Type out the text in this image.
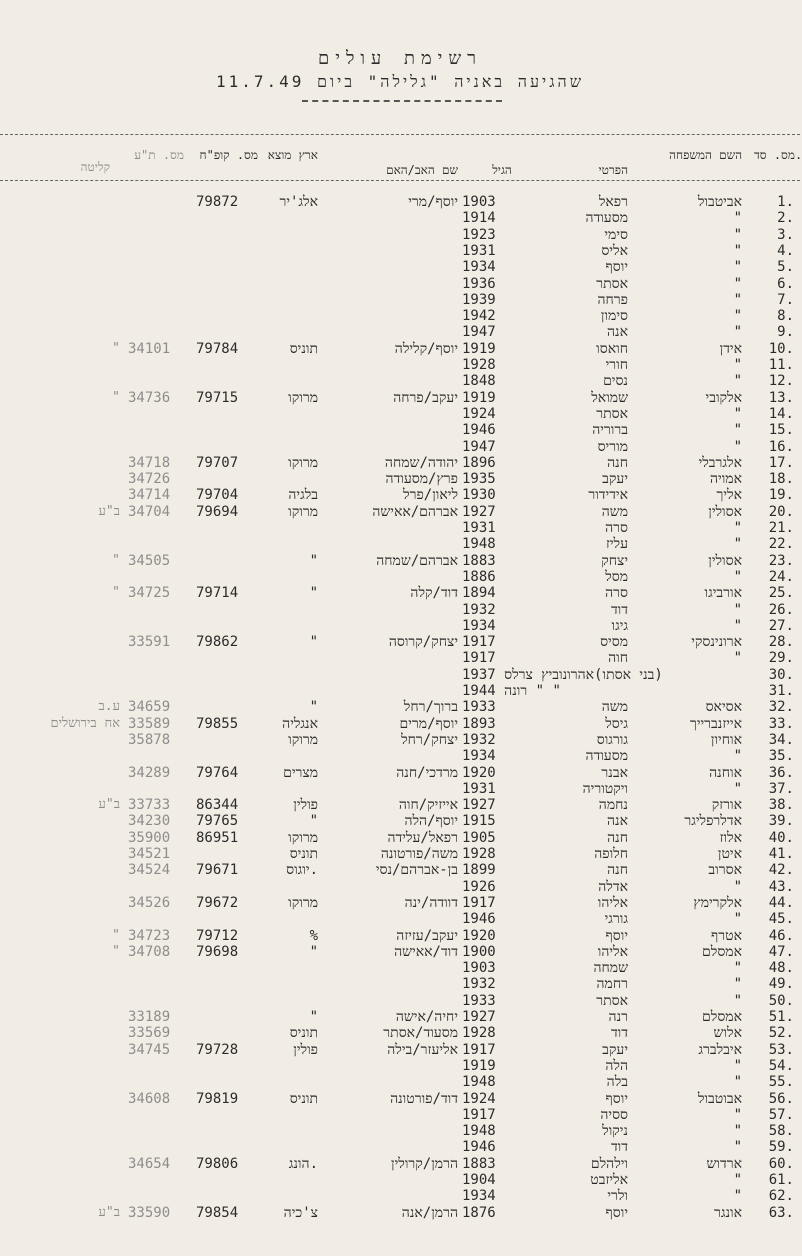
רשימת עולים
שהגיעה באניה "גלילה" ביום 11.7.49
מס. סד.
השם המשפחה
הפרטי
הגיל
שם האב/האם
ארץ מוצא
מס. קופ"ח
מס. ת"ע
קליטה
1.
אביטבול
רפאל
1903
יוסף/מרי
אלג'יר
79872
2.
"
מסעודה
1914
3.
"
סימי
1923
4.
"
אליס
1931
5.
"
יוסף
1934
6.
"
אסתר
1936
7.
"
פרחה
1939
8.
"
סימון
1942
9.
"
אנה
1947
10.
אידן
חואסו
1919
יוסף/קלילה
תוניס
79784
34101
"
11.
"
חורי
1928
12.
"
נסים
1848
13.
אלקובי
שמואל
1919
יעקב/פרחה
מרוקו
79715
34736
"
14.
"
אסתר
1924
15.
"
ברוריה
1946
16.
"
מוריס
1947
17.
אלגרבלי
חנה
1896
יהודה/שמחה
מרוקו
79707
34718
18.
אמויה
יעקב
1935
פרץ/מסעודה
34726
19.
אליך
אידידור
1930
ליאון/פרל
בלגיה
79704
34714
20.
אסולין
משה
1927
אברהם/אאישה
מרוקו
79694
34704
ב"ע
21.
"
סרה
1931
22.
"
עליז
1948
23.
אסולין
יצחק
1883
אברהם/שמחה
"
34505
"
24.
"
מסל
1886
25.
אורביגו
סרה
1894
דוד/קלה
"
79714
34725
"
26.
"
דוד
1932
27.
"
גיגו
1934
28.
ארונינסקי
מסיס
1917
יצחק/קרוסה
"
79862
33591
29.
"
חוה
1917
30.
(בני אסתו)אהרונוביץ צרלס 1937
31.
" " רונה 1944
32.
אסיאס
משה
1933
ברוך/רחל
"
34659
ע.ב
33.
אייזנברייך
גיסל
1893
יוסף/מרים
אנגליה
79855
33589
אח בירושלים
34.
אוחיון
גורגוס
1932
יצחק/רחל
מרוקו
35878
35.
"
מסעודה
1934
36.
אוחנה
אבנר
1920
מרדכי/חנה
מצרים
79764
34289
37.
"
ויקטוריה
1931
38.
אורזק
נחמה
1927
אייזיק/חוה
פולין
86344
33733
ב"ע
39.
אדלרפליגר
אנה
1915
יוסף/הלה
"
79765
34230
40.
אלוז
חנה
1905
רפאל/עלידה
מרוקו
86951
35900
41.
איטן
חלופה
1928
משה/פורטונה
תוניס
34521
42.
אסרוב
חנה
1899
בן-אברהם/נסי
יוגוס.
79671
34524
43.
"
אדלה
1926
44.
אלקרימץ
אליהו
1917
דוודה/ינה
מרוקו
79672
34526
45.
"
גורגי
1946
46.
אטרף
יוסף
1920
יעקב/עזיזה
%
79712
34723
"
47.
אמסלם
אליהו
1900
דוד/אאישה
"
79698
34708
"
48.
"
שמחה
1903
49.
"
רחמה
1932
50.
"
אסתר
1933
51.
אמסלם
רנה
1927
יחיה/אישה
"
33189
52.
אלוש
דוד
1928
מסעוד/אסתר
תוניס
33569
53.
איבלברג
יעקב
1917
אליעזר/בילה
פולין
79728
34745
54.
"
הלה
1919
55.
"
בלה
1948
56.
אבוטבול
יוסף
1924
דוד/פורטונה
תוניס
79819
34608
57.
"
ססיה
1917
58.
"
ניקול
1948
59.
"
דוד
1946
60.
ארדוש
וילהלם
1883
הרמן/קרולין
הונג.
79806
34654
61.
"
אליזבט
1904
62.
"
ולרי
1934
63.
אונגר
יוסף
1876
הרמן/אנה
צ'כיה
79854
33590
ב"ע
